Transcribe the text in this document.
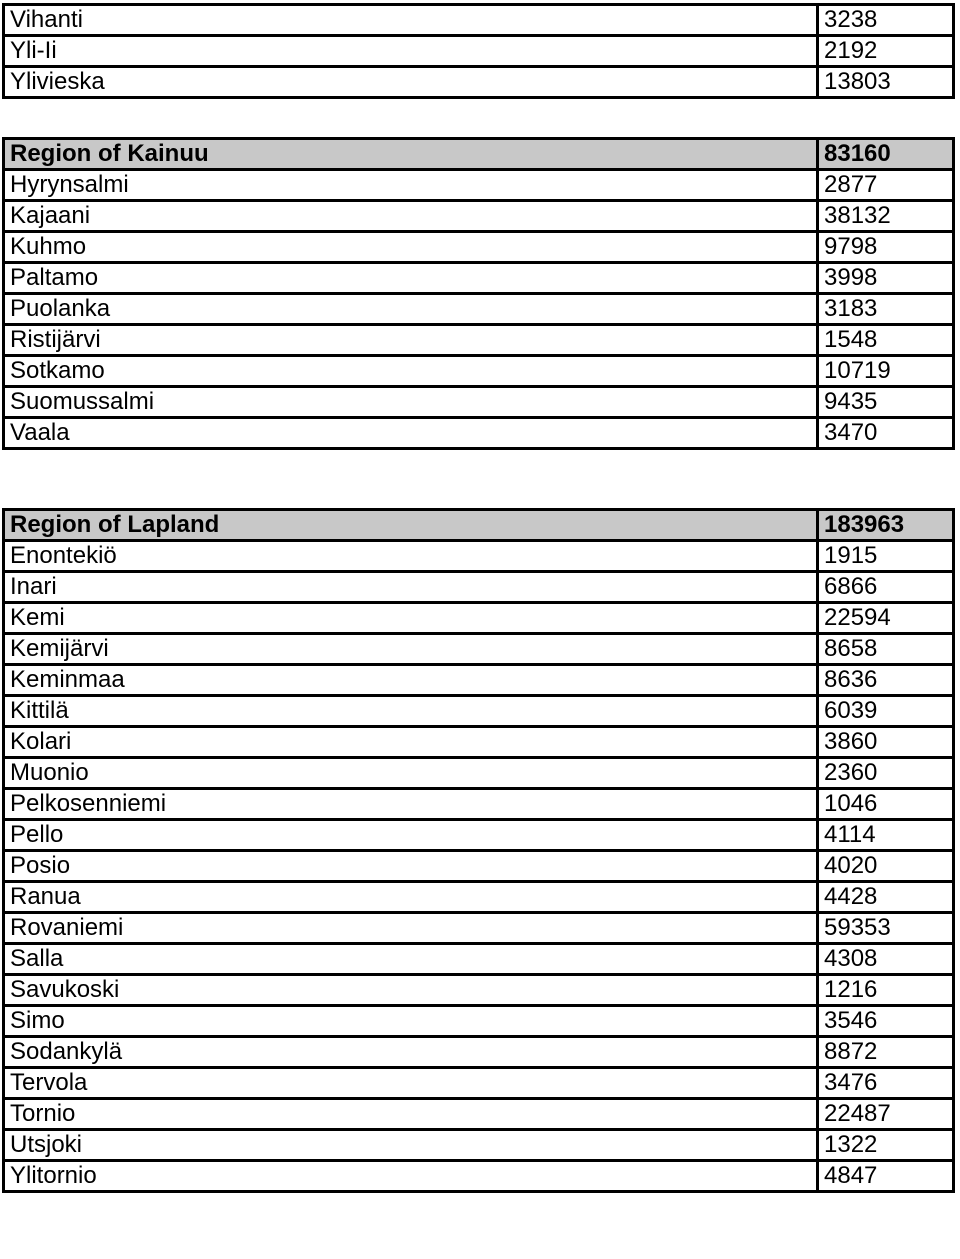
Vihanti	3238
Yli-Ii	2192
Ylivieska	13803
Region of Kainuu	83160
Hyrynsalmi	2877
Kajaani	38132
Kuhmo	9798
Paltamo	3998
Puolanka	3183
Ristijärvi	1548
Sotkamo	10719
Suomussalmi	9435
Vaala	3470
Region of Lapland	183963
Enontekiö	1915
Inari	6866
Kemi	22594
Kemijärvi	8658
Keminmaa	8636
Kittilä	6039
Kolari	3860
Muonio	2360
Pelkosenniemi	1046
Pello	4114
Posio	4020
Ranua	4428
Rovaniemi	59353
Salla	4308
Savukoski	1216
Simo	3546
Sodankylä	8872
Tervola	3476
Tornio	22487
Utsjoki	1322
Ylitornio	4847
